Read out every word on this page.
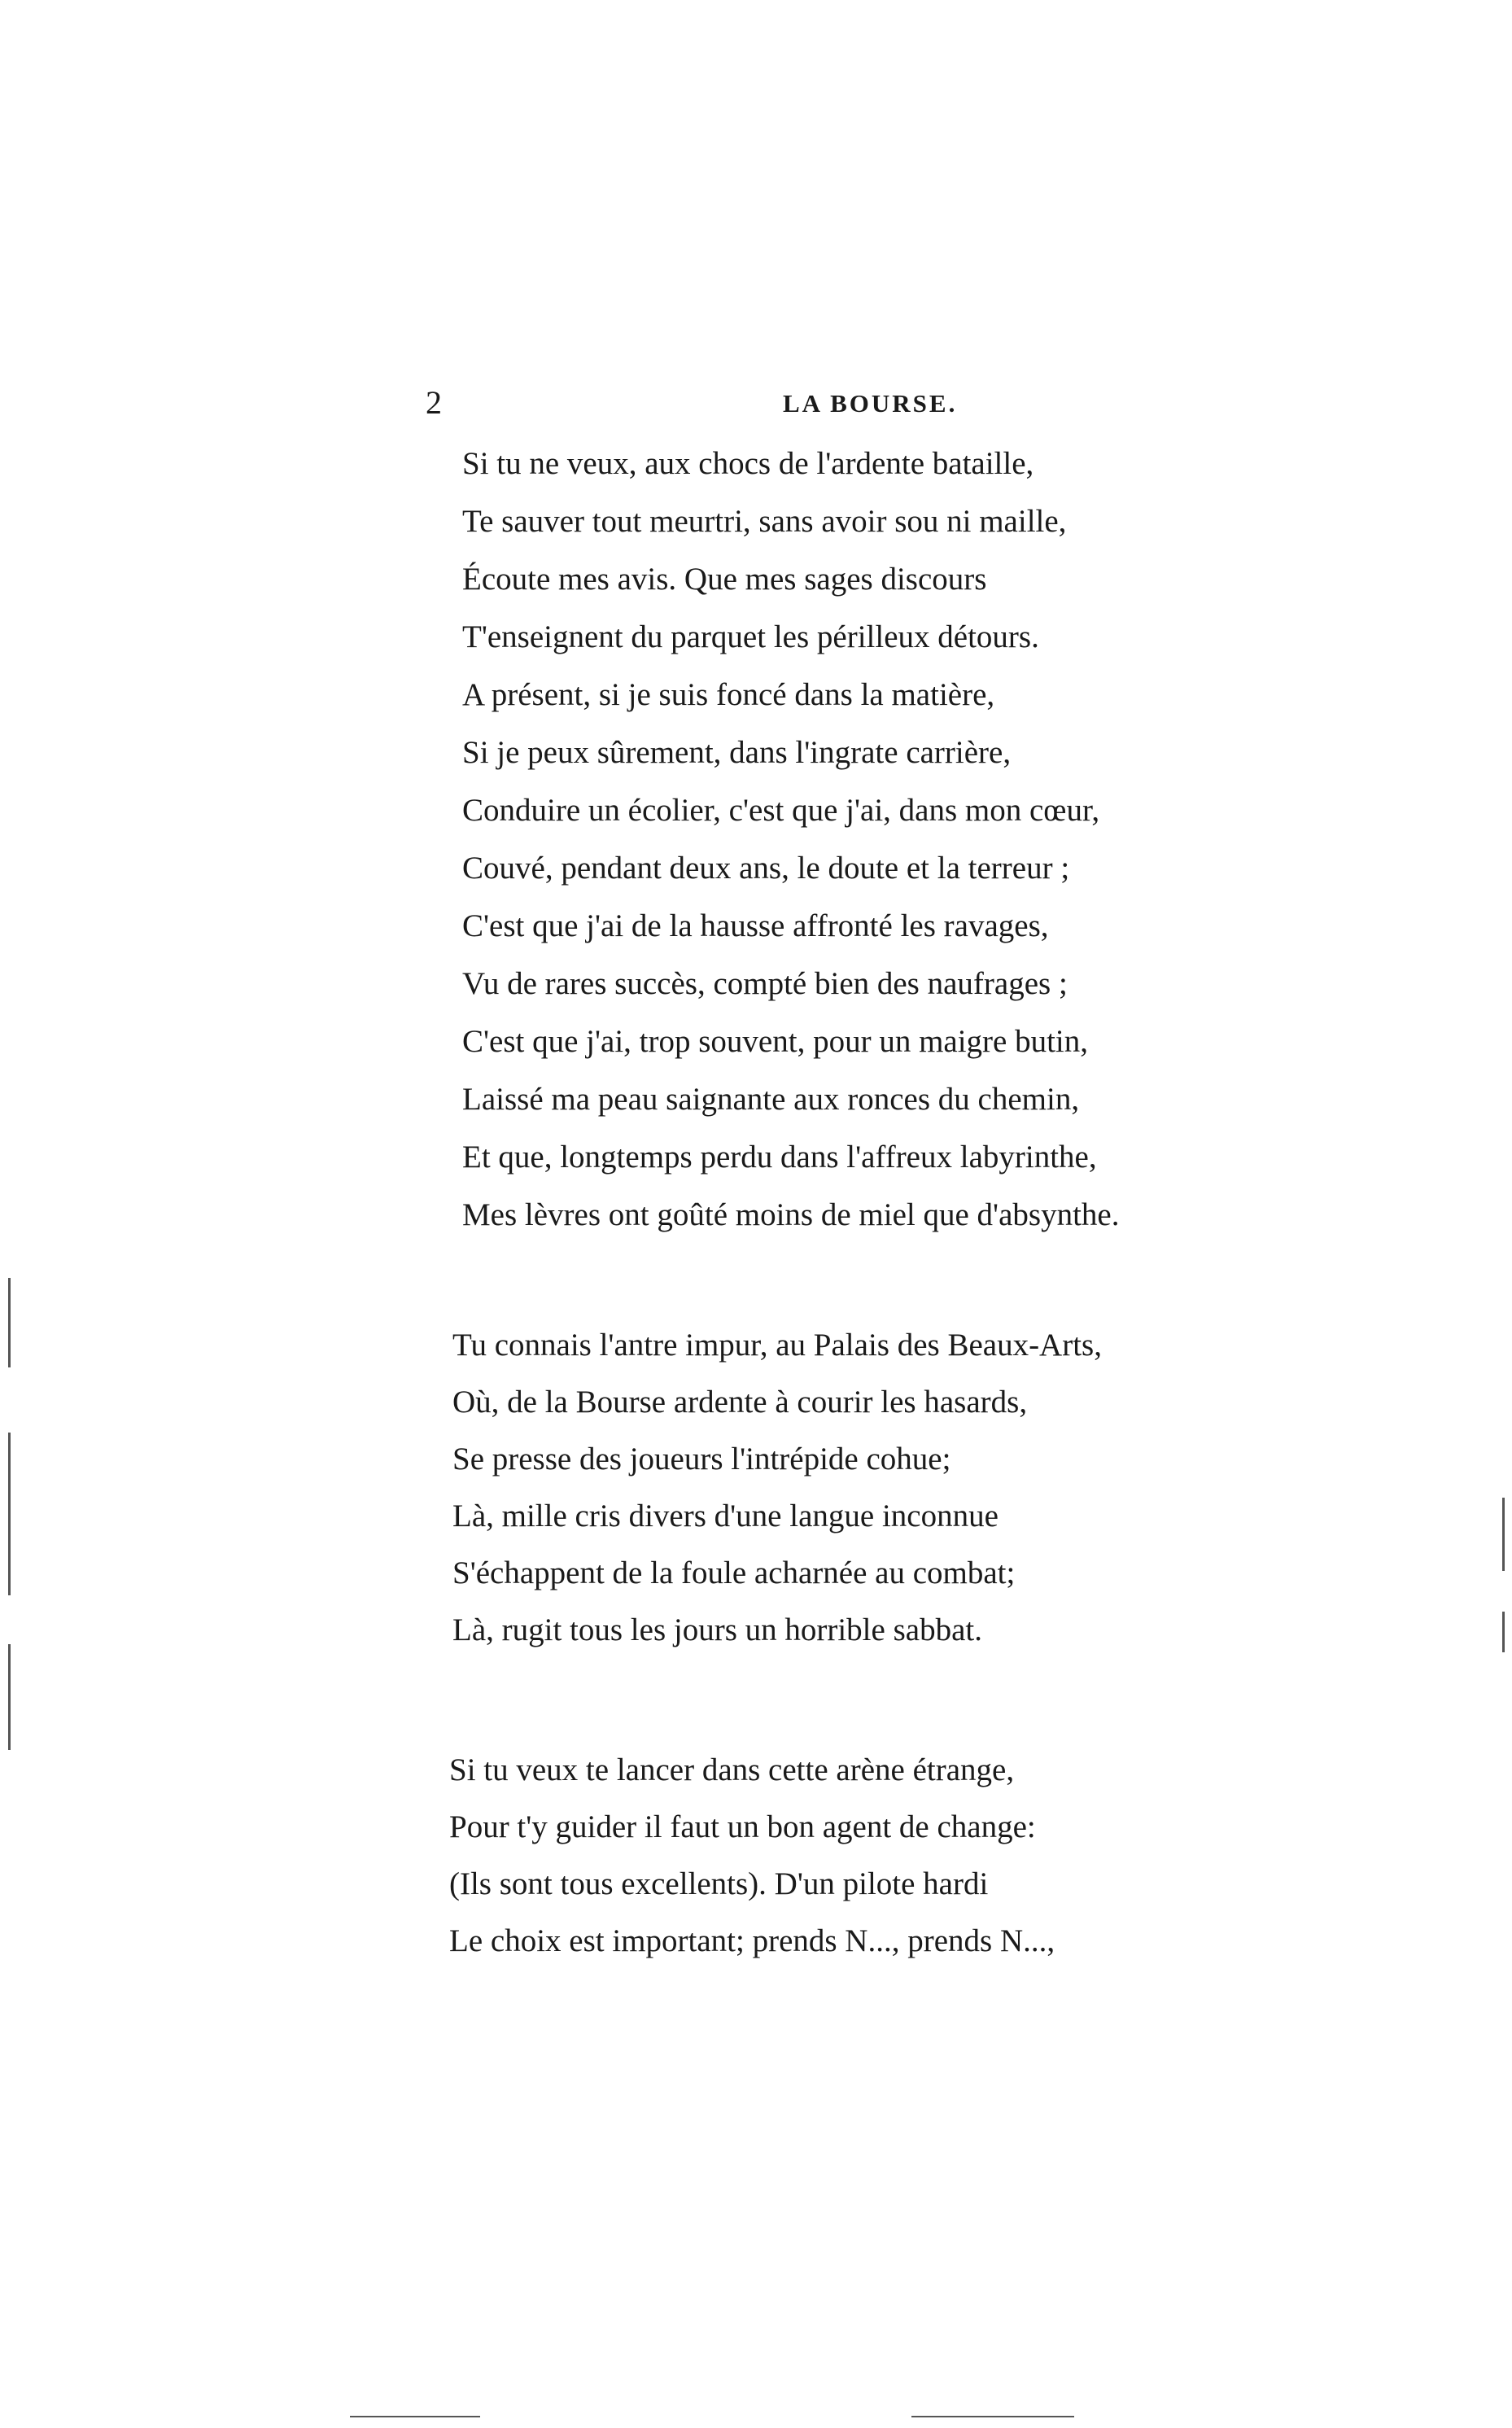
2	LA BOURSE.
Si tu ne veux, aux chocs de l'ardente bataille,
Te sauver tout meurtri, sans avoir sou ni maille,
Écoute mes avis. Que mes sages discours
T'enseignent du parquet les périlleux détours.
A présent, si je suis foncé dans la matière,
Si je peux sûrement, dans l'ingrate carrière,
Conduire un écolier, c'est que j'ai, dans mon cœur,
Couvé, pendant deux ans, le doute et la terreur ;
C'est que j'ai de la hausse affronté les ravages,
Vu de rares succès, compté bien des naufrages ;
C'est que j'ai, trop souvent, pour un maigre butin,
Laissé ma peau saignante aux ronces du chemin,
Et que, longtemps perdu dans l'affreux labyrinthe,
Mes lèvres ont goûté moins de miel que d'absynthe.
Tu connais l'antre impur, au Palais des Beaux-Arts,
Où, de la Bourse ardente à courir les hasards,
Se presse des joueurs l'intrépide cohue;
Là, mille cris divers d'une langue inconnue
S'échappent de la foule acharnée au combat;
Là, rugit tous les jours un horrible sabbat.
Si tu veux te lancer dans cette arène étrange,
Pour t'y guider il faut un bon agent de change:
(Ils sont tous excellents). D'un pilote hardi
Le choix est important; prends N..., prends N...,
